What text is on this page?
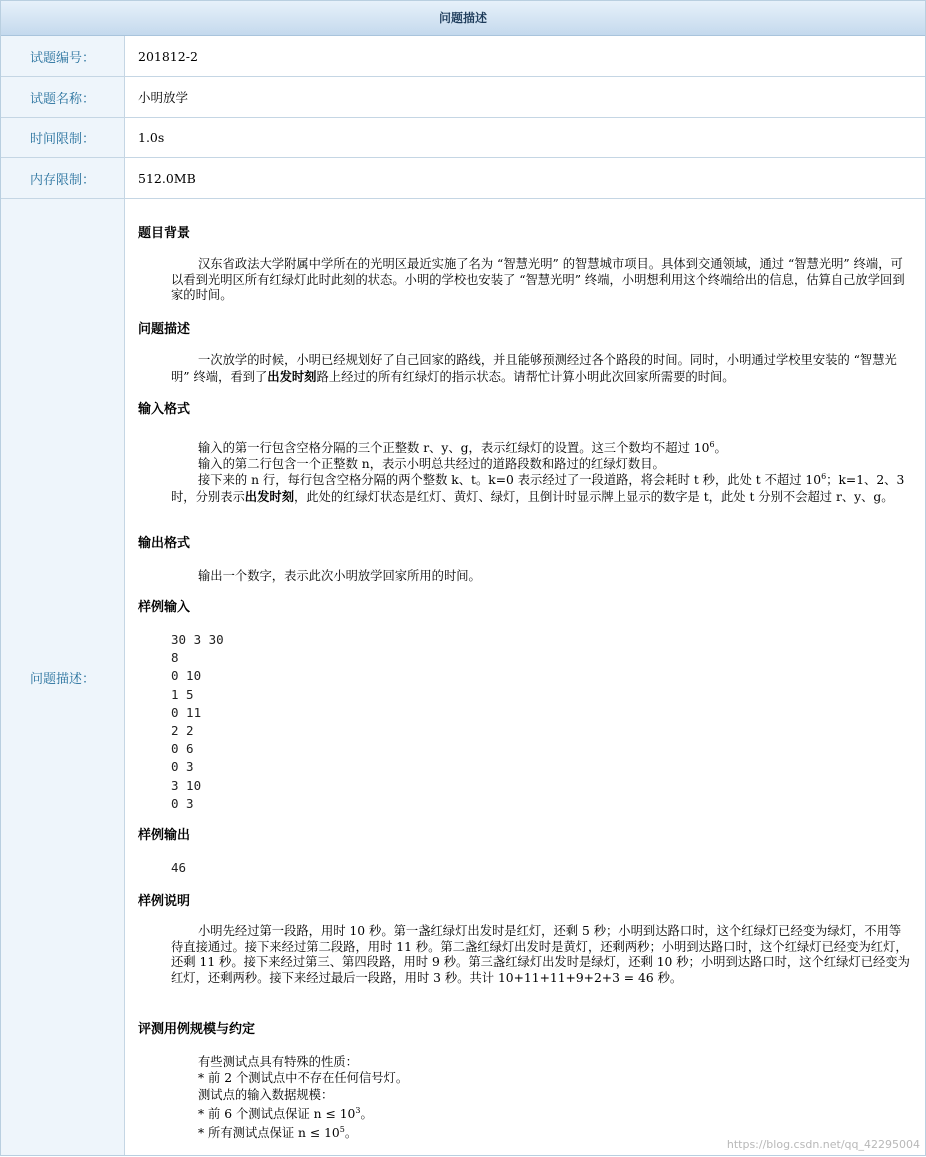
问题描述
试题编号：	201812-2
试题名称：	小明放学
时间限制：	1.0s
内存限制：	512.0MB
问题描述：
题目背景
汉东省政法大学附属中学所在的光明区最近实施了名为 “智慧光明” 的智慧城市项目。具体到交通领域，通过 “智慧光明” 终端，可以看到光明区所有红绿灯此时此刻的状态。小明的学校也安装了 “智慧光明” 终端，小明想利用这个终端给出的信息，估算自己放学回到家的时间。
问题描述
一次放学的时候，小明已经规划好了自己回家的路线，并且能够预测经过各个路段的时间。同时，小明通过学校里安装的 “智慧光明” 终端，看到了出发时刻路上经过的所有红绿灯的指示状态。请帮忙计算小明此次回家所需要的时间。
输入格式
输入的第一行包含空格分隔的三个正整数 r、y、g，表示红绿灯的设置。这三个数均不超过 $10^6$。
输入的第二行包含一个正整数 n，表示小明总共经过的道路段数和路过的红绿灯数目。
接下来的 n 行，每行包含空格分隔的两个整数 k、t。k=0 表示经过了一段道路，将会耗时 t 秒，此处 t 不超过 $10^6$；k=1、2、3 时，分别表示出发时刻，此处的红绿灯状态是红灯、黄灯、绿灯，且倒计时显示牌上显示的数字是 t，此处 t 分别不会超过 r、y、g。
输出格式
输出一个数字，表示此次小明放学回家所用的时间。
样例输入
30 3 30
8
0 10
1 5
0 11
2 2
0 6
0 3
3 10
0 3
样例输出
46
样例说明
小明先经过第一段路，用时 10 秒。第一盏红绿灯出发时是红灯，还剩 5 秒；小明到达路口时，这个红绿灯已经变为绿灯，不用等待直接通过。接下来经过第二段路，用时 11 秒。第二盏红绿灯出发时是黄灯，还剩两秒；小明到达路口时，这个红绿灯已经变为红灯，还剩 11 秒。接下来经过第三、第四段路，用时 9 秒。第三盏红绿灯出发时是绿灯，还剩 10 秒；小明到达路口时，这个红绿灯已经变为红灯，还剩两秒。接下来经过最后一段路，用时 3 秒。共计 10+11+11+9+2+3 = 46 秒。
评测用例规模与约定
有些测试点具有特殊的性质：
* 前 2 个测试点中不存在任何信号灯。
测试点的输入数据规模：
* 前 6 个测试点保证 $n \le 10^3$。
* 所有测试点保证 $n \le 10^5$。
https://blog.csdn.net/qq_42295004
